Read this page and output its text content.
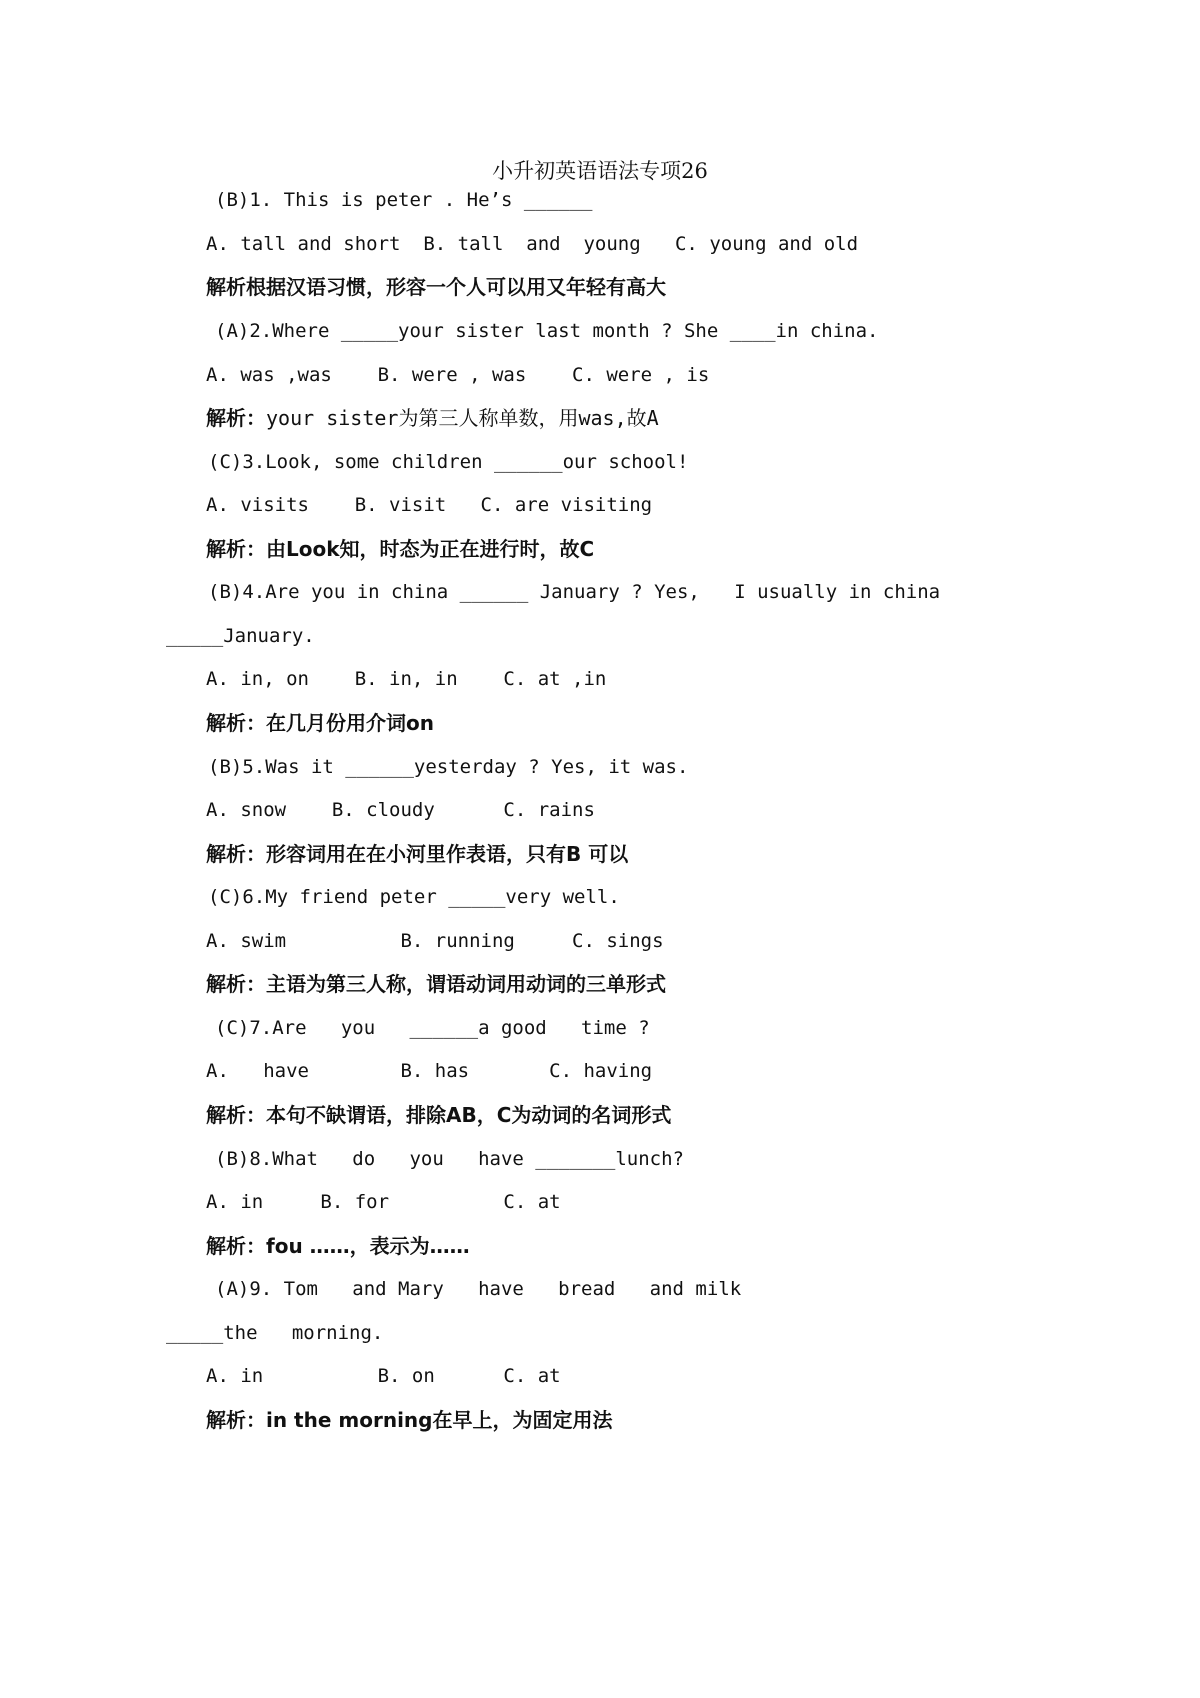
小升初英语语法专项26
(B)1. This is peter . He’s ______
A. tall and short  B. tall  and  young   C. young and old
解析根据汉语习惯，形容一个人可以用又年轻有高大
(A)2.Where _____your sister last month ? She ____in china.
A. was ,was    B. were , was    C. were , is
解析：your sister为第三人称单数，用was,故A
(C)3.Look, some children ______our school!
A. visits    B. visit   C. are visiting
解析：由Look知，时态为正在进行时，故C
(B)4.Are you in china ______ January ? Yes,   I usually in china
_____January.
A. in, on    B. in, in    C. at ,in
解析：在几月份用介词on
(B)5.Was it ______yesterday ? Yes, it was.
A. snow    B. cloudy      C. rains
解析：形容词用在在小河里作表语，只有B 可以
(C)6.My friend peter _____very well.
A. swim          B. running     C. sings
解析：主语为第三人称，谓语动词用动词的三单形式
(C)7.Are   you   ______a good   time ?
A.   have        B. has       C. having
解析：本句不缺谓语，排除AB，C为动词的名词形式
(B)8.What   do   you   have _______lunch?
A. in     B. for          C. at
解析：fou ……，表示为……
(A)9. Tom   and Mary   have   bread   and milk
_____the   morning.
A. in          B. on      C. at
解析：in the morning在早上，为固定用法
